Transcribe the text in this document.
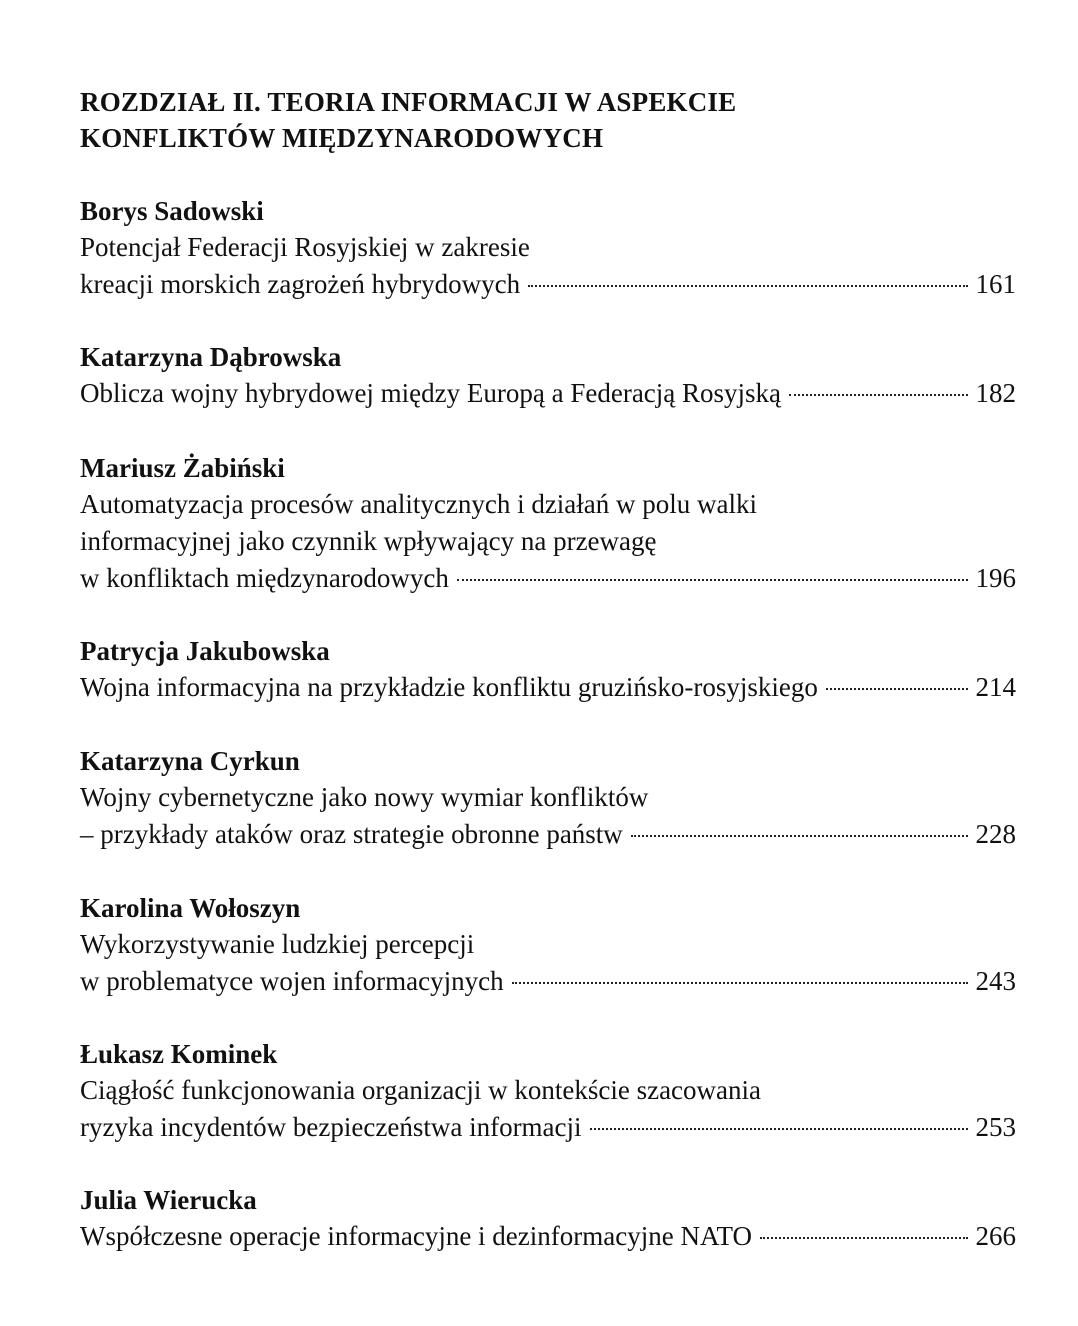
ROZDZIAŁ II. TEORIA INFORMACJI W ASPEKCIE
KONFLIKTÓW MIĘDZYNARODOWYCH
Borys Sadowski
Potencjał Federacji Rosyjskiej w zakresie
kreacji morskich zagrożeń hybrydowych	161
Katarzyna Dąbrowska
Oblicza wojny hybrydowej między Europą a Federacją Rosyjską	182
Mariusz Żabiński
Automatyzacja procesów analitycznych i działań w polu walki
informacyjnej jako czynnik wpływający na przewagę
w konfliktach międzynarodowych	196
Patrycja Jakubowska
Wojna informacyjna na przykładzie konfliktu gruzińsko-rosyjskiego	214
Katarzyna Cyrkun
Wojny cybernetyczne jako nowy wymiar konfliktów
– przykłady ataków oraz strategie obronne państw	228
Karolina Wołoszyn
Wykorzystywanie ludzkiej percepcji
w problematyce wojen informacyjnych	243
Łukasz Kominek
Ciągłość funkcjonowania organizacji w kontekście szacowania
ryzyka incydentów bezpieczeństwa informacji	253
Julia Wierucka
Współczesne operacje informacyjne i dezinformacyjne NATO	266
